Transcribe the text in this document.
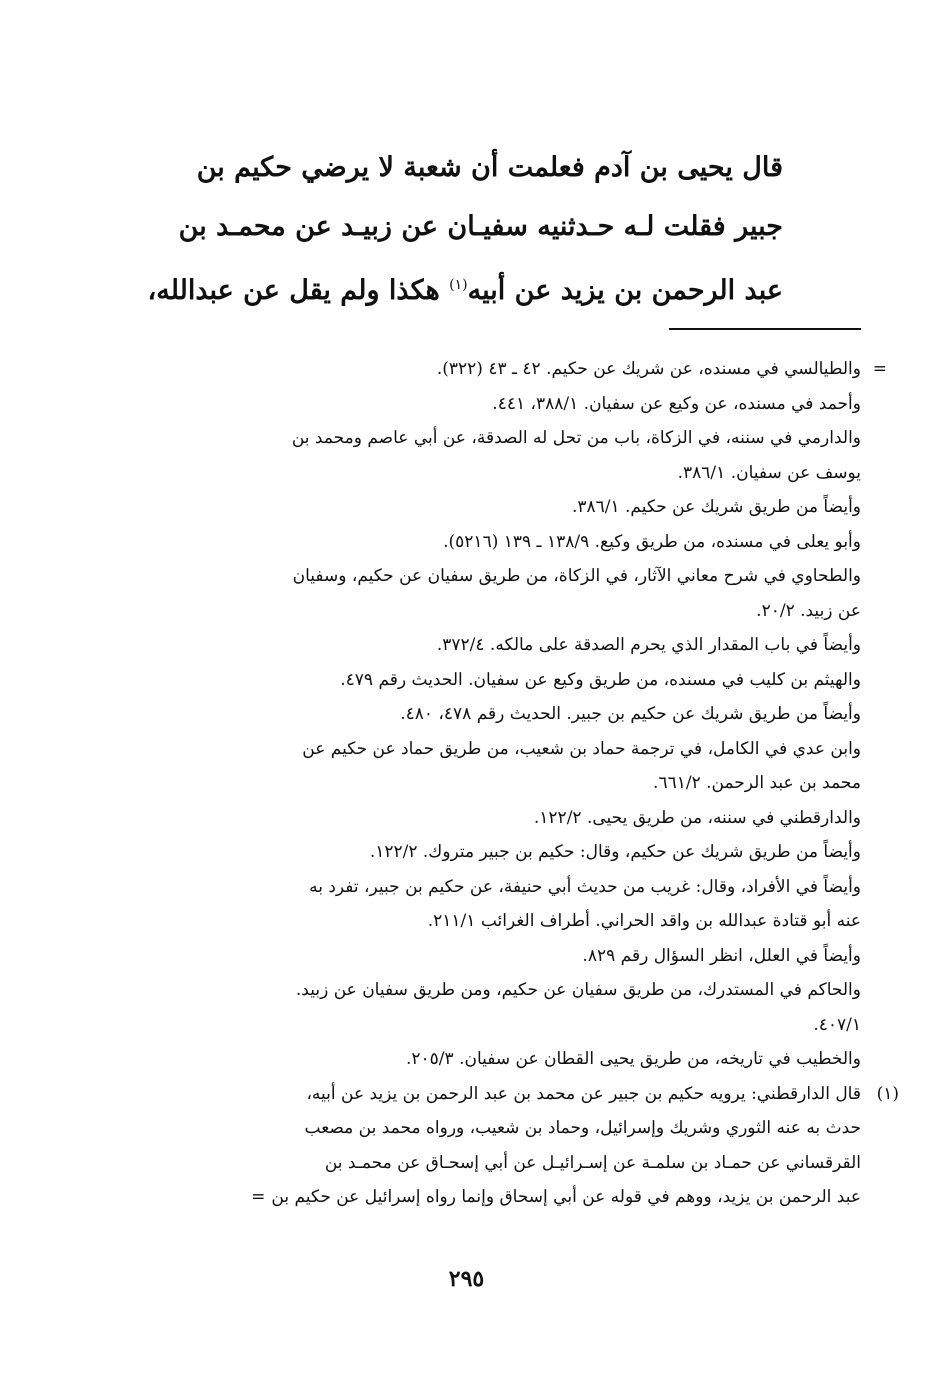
قال يحيى بن آدم فعلمت أن شعبة لا يرضي حكيم بن
جبير فقلت لـه حـدثنيه سفيـان عن زبيـد عن محمـد بن
عبد الرحمن بن يزيد عن أبيه$^{(١)}$ هكذا ولم يقل عن عبدالله،
=
والطيالسي في مسنده، عن شريك عن حكيم. ٤٢ ـ ٤٣ (٣٢٢).
وأحمد في مسنده، عن وكيع عن سفيان. ٣٨٨/١، ٤٤١.
والدارمي في سننه، في الزكاة، باب من تحل له الصدقة، عن أبي عاصم ومحمد بن
يوسف عن سفيان. ٣٨٦/١.
وأيضاً من طريق شريك عن حكيم. ٣٨٦/١.
وأبو يعلى في مسنده، من طريق وكيع. ١٣٨/٩ ـ ١٣٩ (٥٢١٦).
والطحاوي في شرح معاني الآثار، في الزكاة، من طريق سفيان عن حكيم، وسفيان
عن زبيد. ٢٠/٢.
وأيضاً في باب المقدار الذي يحرم الصدقة على مالكه. ٣٧٢/٤.
والهيثم بن كليب في مسنده، من طريق وكيع عن سفيان. الحديث رقم ٤٧٩.
وأيضاً من طريق شريك عن حكيم بن جبير. الحديث رقم ٤٧٨، ٤٨٠.
وابن عدي في الكامل، في ترجمة حماد بن شعيب، من طريق حماد عن حكيم عن
محمد بن عبد الرحمن. ٦٦١/٢.
والدارقطني في سننه، من طريق يحيى. ١٢٢/٢.
وأيضاً من طريق شريك عن حكيم، وقال: حكيم بن جبير متروك. ١٢٢/٢.
وأيضاً في الأفراد، وقال: غريب من حديث أبي حنيفة، عن حكيم بن جبير، تفرد به
عنه أبو قتادة عبدالله بن واقد الحراني. أطراف الغرائب ٢١١/١.
وأيضاً في العلل، انظر السؤال رقم ٨٢٩.
والحاكم في المستدرك، من طريق سفيان عن حكيم، ومن طريق سفيان عن زبيد.
٤٠٧/١.
والخطيب في تاريخه، من طريق يحيى القطان عن سفيان. ٢٠٥/٣.
(١)
قال الدارقطني: يرويه حكيم بن جبير عن محمد بن عبد الرحمن بن يزيد عن أبيه،
حدث به عنه الثوري وشريك وإسرائيل، وحماد بن شعيب، ورواه محمد بن مصعب
القرقساني عن حمـاد بن سلمـة عن إسـرائيـل عن أبي إسحـاق عن محمـد بن
عبد الرحمن بن يزيد، ووهم في قوله عن أبي إسحاق وإنما رواه إسرائيل عن حكيم بن=
٢٩٥
